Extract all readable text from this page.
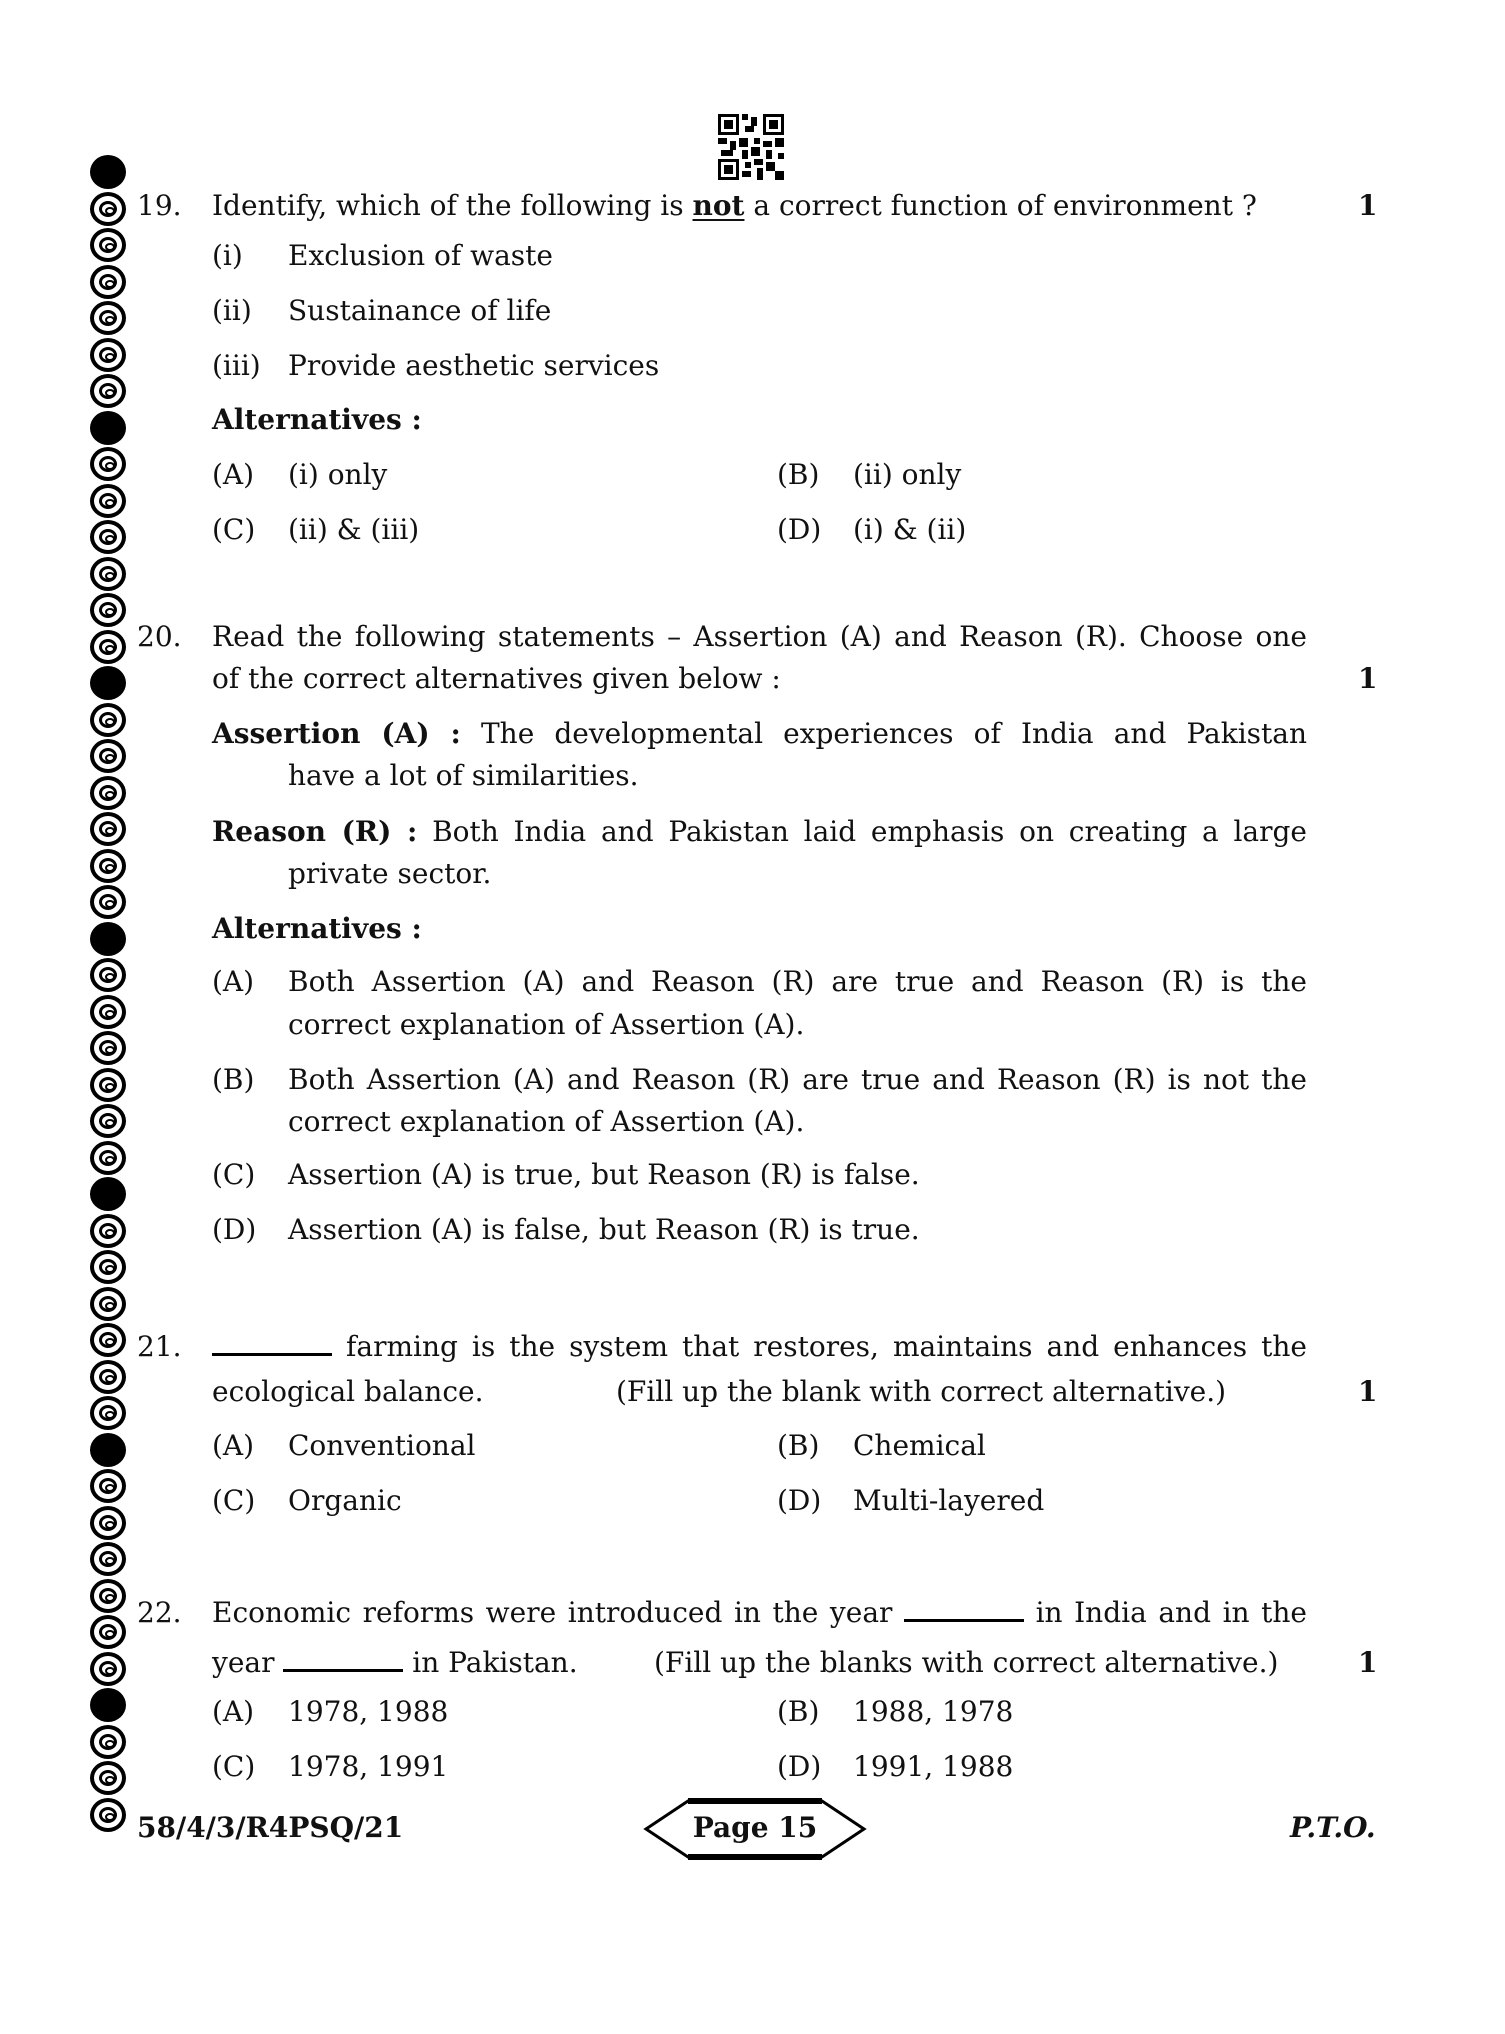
19. Identify, which of the following is not a correct function of environment ?	1
(i) Exclusion of waste
(ii) Sustainance of life
(iii) Provide aesthetic services
Alternatives :
(A) (i) only	(B) (ii) only
(C) (ii) & (iii)	(D) (i) & (ii)
20. Read the following statements – Assertion (A) and Reason (R). Choose one
of the correct alternatives given below :	1
Assertion (A) : The developmental experiences of India and Pakistan
have a lot of similarities.
Reason (R) : Both India and Pakistan laid emphasis on creating a large
private sector.
Alternatives :
(A) Both Assertion (A) and Reason (R) are true and Reason (R) is the
correct explanation of Assertion (A).
(B) Both Assertion (A) and Reason (R) are true and Reason (R) is not the
correct explanation of Assertion (A).
(C) Assertion (A) is true, but Reason (R) is false.
(D) Assertion (A) is false, but Reason (R) is true.
21.	farming is the system that restores, maintains and enhances the
ecological balance.	(Fill up the blank with correct alternative.)	1
(A) Conventional	(B) Chemical
(C) Organic	(D) Multi-layered
22. Economic reforms were introduced in the year	in India and in the
year	in Pakistan.	(Fill up the blanks with correct alternative.)	1
(A) 1978, 1988	(B) 1988, 1978
(C) 1978, 1991	(D) 1991, 1988
58/4/3/R4PSQ/21	Page 15	P.T.O.
